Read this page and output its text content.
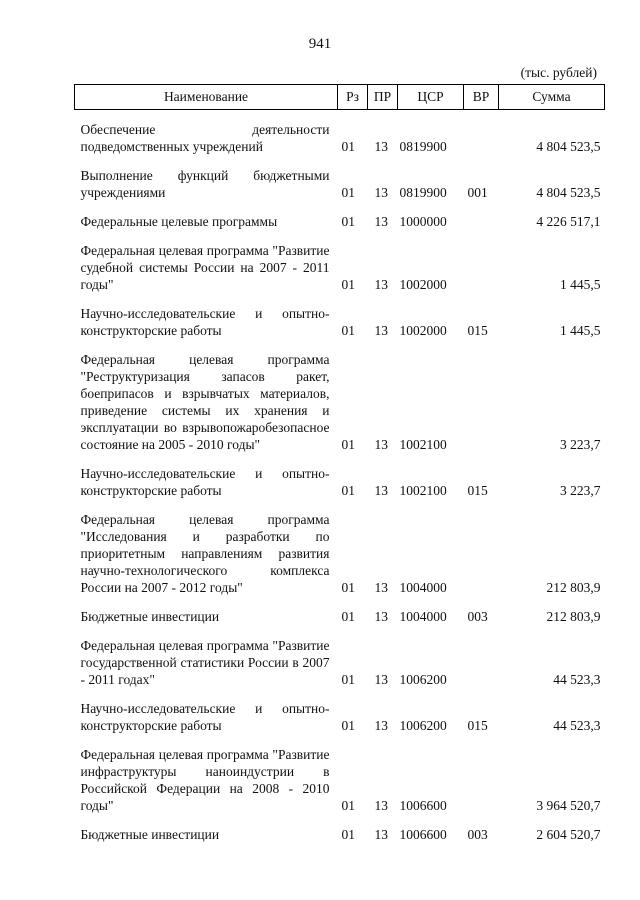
941
(тыс. рублей)
Наименование	Рз	ПР	ЦСР	ВР	Сумма
Обеспечение деятельности подведомственных учреждений	01	13	0819900		4 804 523,5
Выполнение функций бюджетными учреждениями	01	13	0819900	001	4 804 523,5
Федеральные целевые программы	01	13	1000000		4 226 517,1
Федеральная целевая программа "Развитие судебной системы России на 2007 - 2011 годы"	01	13	1002000		1 445,5
Научно-исследовательские и опытно-конструкторские работы	01	13	1002000	015	1 445,5
Федеральная целевая программа "Реструктуризация запасов ракет, боеприпасов и взрывчатых материалов, приведение системы их хранения и эксплуатации во взрывопожаробезопасное состояние на 2005 - 2010 годы"	01	13	1002100		3 223,7
Научно-исследовательские и опытно-конструкторские работы	01	13	1002100	015	3 223,7
Федеральная целевая программа "Исследования и разработки по приоритетным направлениям развития научно-технологического комплекса России на 2007 - 2012 годы"	01	13	1004000		212 803,9
Бюджетные инвестиции	01	13	1004000	003	212 803,9
Федеральная целевая программа "Развитие государственной статистики России в 2007 - 2011 годах"	01	13	1006200		44 523,3
Научно-исследовательские и опытно-конструкторские работы	01	13	1006200	015	44 523,3
Федеральная целевая программа "Развитие инфраструктуры наноиндустрии в Российской Федерации на 2008 - 2010 годы"	01	13	1006600		3 964 520,7
Бюджетные инвестиции	01	13	1006600	003	2 604 520,7
